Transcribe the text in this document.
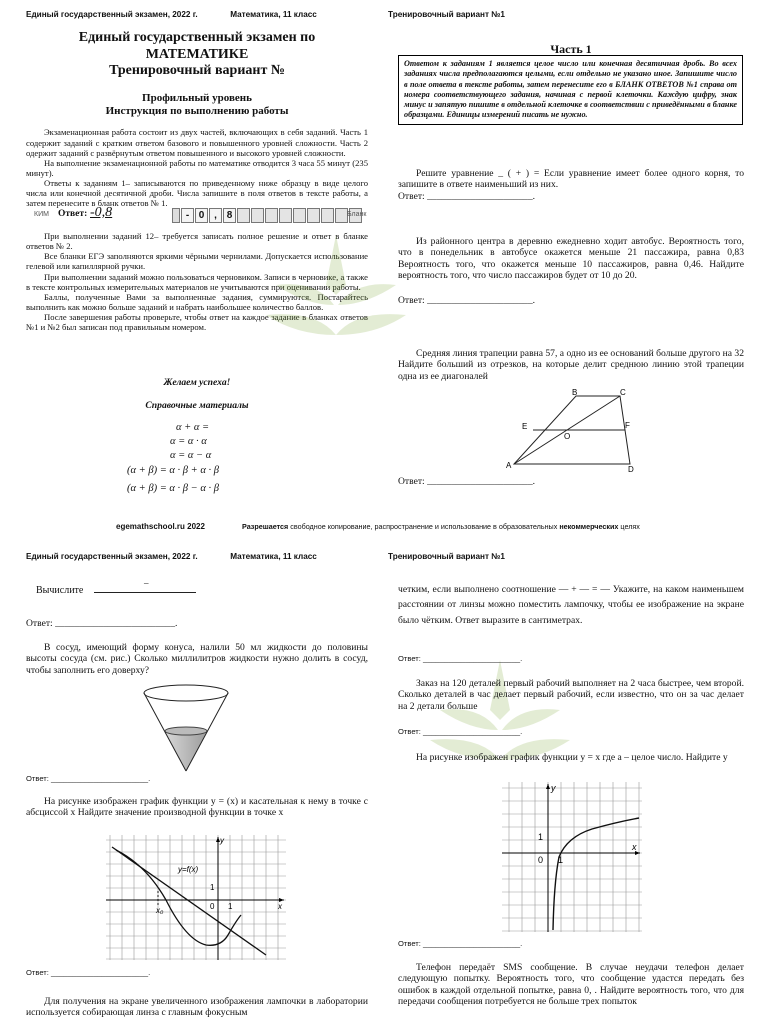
Единый государственный экзамен, 2022 г.	Математика, 11 класс	Тренировочный вариант №1

Единый государственный экзамен по МАТЕМАТИКЕ

Тренировочный вариант №

Профильный уровень

Инструкция по выполнению работы

Экзаменационная работа состоит из двух частей, включающих в себя заданий. Часть 1 содержит заданий с кратким ответом базового и повышенного уровней сложности. Часть 2 одержит заданий с развёрнутым ответом повышенного и высокого уровней сложности.

На выполнение экзаменационной работы по математике отводится 3 часа 55 минут (235 минут).

Ответы к заданиям 1– записываются по приведенному ниже образцу в виде целого числа или конечной десятичной дроби. Числа запишите в поля ответов в тексте работы, а затем перенесите в бланк ответов № 1.

КИМ Ответ: -0,8	- 0 , 8	Бланк

При выполнении заданий 12– требуется записать полное решение и ответ в бланке ответов № 2.

Все бланки ЕГЭ заполняются яркими чёрными чернилами. Допускается использование гелевой или капиллярной ручки.

При выполнении заданий можно пользоваться черновиком. Записи в черновике, а также в тексте контрольных измерительных материалов не учитываются при оценивании работы.

Баллы, полученные Вами за выполненные задания, суммируются. Постарайтесь выполнить как можно больше заданий и набрать наибольшее количество баллов.

После завершения работы проверьте, чтобы ответ на каждое задание в бланках ответов №1 и №2 был записан под правильным номером.

Желаем успеха!
Справочные материалы
α + α =
α = α · α
α = α − α
(α + β) = α · β + α · β
(α + β) = α · β − α · β
Часть 1
Ответом к заданиям 1 является целое число или конечная десятичная дробь. Во всех заданиях числа предполагаются целыми, если отдельно не указано иное. Запишите число в поле ответа в тексте работы, затем перенесите его в БЛАНК ОТВЕТОВ №1 справа от номера соответствующего задания, начиная с первой клеточки. Каждую цифру, знак минус и запятую пишите в отдельной клеточке в соответствии с приведёнными в бланке образцами. Единицы измерений писать не нужно.

Решите уравнение _ ( + ) = Если уравнение имеет более одного корня, то запишите в ответе наименьший из них.

Ответ: ______________________.

Из районного центра в деревню ежедневно ходит автобус. Вероятность того, что в понедельник в автобусе окажется меньше 21 пассажира, равна 0,83 Вероятность того, что окажется меньше 10 пассажиров, равна 0,46. Найдите вероятность того, что число пассажиров будет от 10 до 20.

Ответ: ______________________.

Средняя линия трапеции равна 57, а одно из ее оснований больше другого на 32 Найдите больший из отрезков, на которые делит среднюю линию этой трапеции одна из ее диагоналей

B	C
E
O
F
A	D
Ответ: ______________________.
egemathschool.ru 2022	Разрешается свободное копирование, распространение и использование в образовательных некоммерческих целях
Единый государственный экзамен, 2022 г.	Математика, 11 класс	Тренировочный вариант №1
Вычислите
–
Ответ: _________________________.

В сосуд, имеющий форму конуса, налили 50 мл жидкости до половины высоты сосуда (см. рис.) Сколько миллилитров жидкости нужно долить в сосуд, чтобы заполнить его доверху?

Ответ: _______________________.

На рисунке изображен график функции y = (x) и касательная к нему в точке с абсциссой x Найдите значение производной функции в точке x

y
y=f(x)
1
x₀	0 1	x
Ответ: _______________________.

Для получения на экране увеличенного изображения лампочки в лаборатории используется собирающая линза с главным фокусным

четким, если выполнено соотношение — + — = — Укажите, на каком наименьшем расстоянии от линзы можно поместить лампочку, чтобы ее изображение на экране было чётким. Ответ выразите в сантиметрах.

Ответ: _______________________.

Заказ на 120 деталей первый рабочий выполняет на 2 часа быстрее, чем второй. Сколько деталей в час делает первый рабочий, если известно, что он за час делает на 2 детали больше

Ответ: _______________________.

На рисунке изображен график функции y = x где a – целое число. Найдите y

y
1
0 1
x
Ответ: _______________________.

Телефон передаёт SMS сообщение. В случае неудачи телефон делает следующую попытку. Вероятность того, что сообщение удастся передать без ошибок в каждой отдельной попытке, равна 0, . Найдите вероятность того, что для передачи сообщения потребуется не больше трех попыток
